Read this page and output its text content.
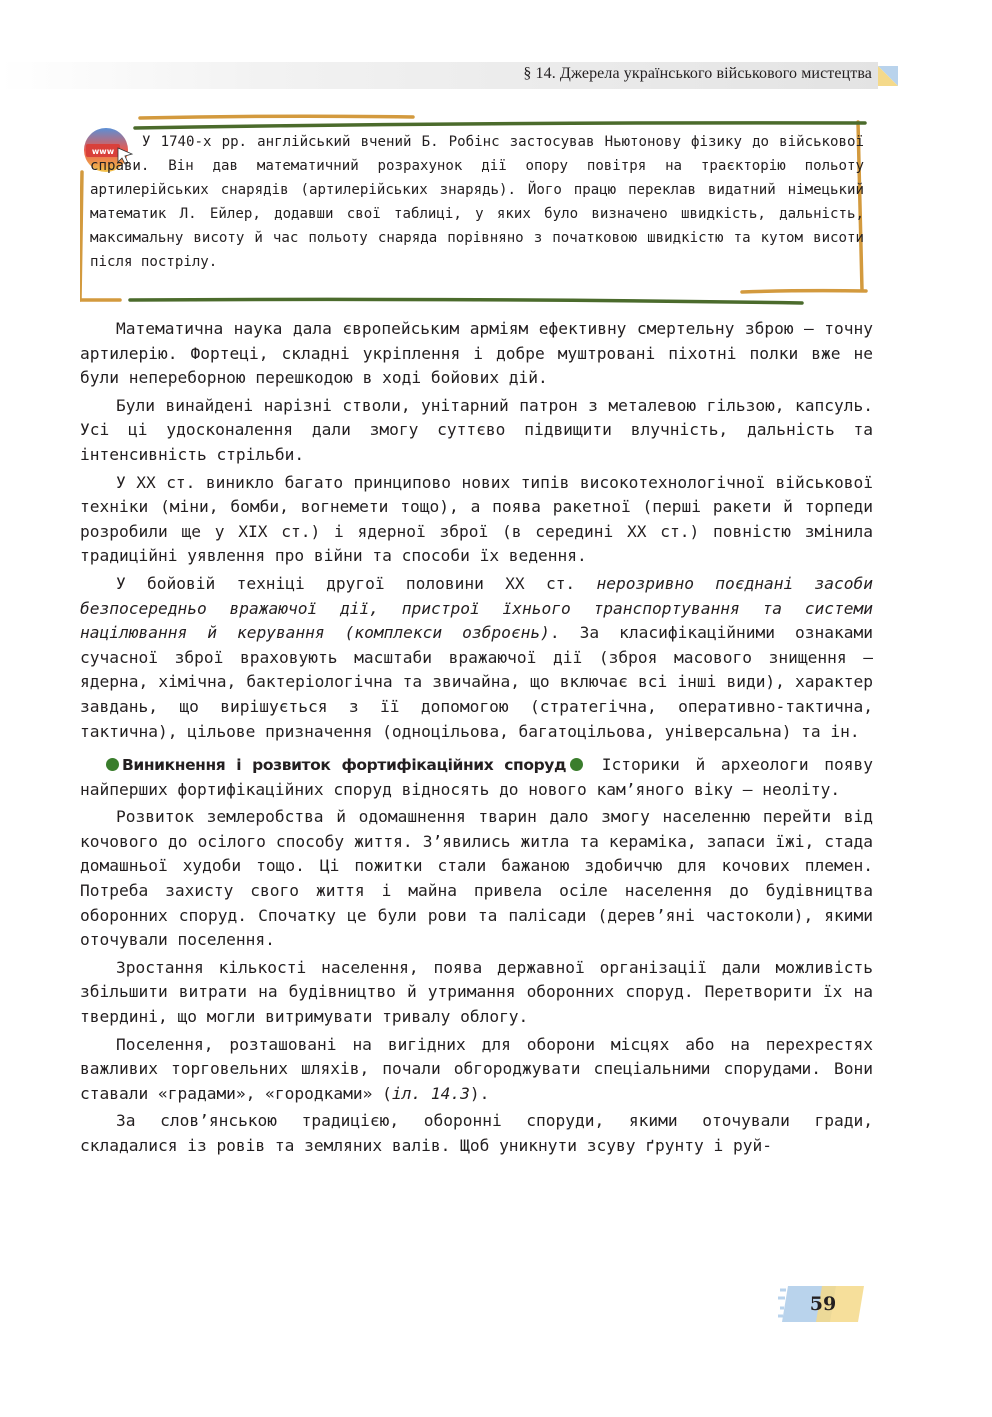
§ 14. Джерела українського військового мистецтва
www

У 1740-х рр. англійський вчений Б. Робінс застосував Ньютонову фізику до військової справи. Він дав математичний розрахунок дії опору повітря на траєкторію польоту артилерійських снарядів (артилерійських знарядь). Його працю переклав видатний німецький математик Л. Ейлер, додавши свої таблиці, у яких було визначено швидкість, дальність, максимальну висоту й час польоту снаряда порівняно з початковою швидкістю та кутом висоти після пострілу.

Математична наука дала європейським арміям ефективну смертельну зброю — точну артилерію. Фортеці, складні укріплення і добре муштровані піхотні полки вже не були непереборною перешкодою в ході бойових дій.

Були винайдені нарізні стволи, унітарний патрон з металевою гільзою, капсуль. Усі ці удосконалення дали змогу суттєво підвищити влучність, дальність та інтенсивність стрільби.

У XX ст. виникло багато принципово нових типів високотехнологічної військової техніки (міни, бомби, вогнемети тощо), а поява ракетної (перші ракети й торпеди розробили ще у XIX ст.) і ядерної зброї (в середині XX ст.) повністю змінила традиційні уявлення про війни та способи їх ведення.

У бойовій техніці другої половини XX ст. нерозривно поєднані засоби безпосередньо вражаючої дії, пристрої їхнього транспортування та системи націлювання й керування (комплекси озброєнь). За класифікаційними ознаками сучасної зброї враховують масштаби вражаючої дії (зброя масового знищення — ядерна, хімічна, бактеріологічна та звичайна, що включає всі інші види), характер завдань, що вирішується з її допомогою (стратегічна, оперативно-тактична, тактична), цільове призначення (одноцільова, багатоцільова, універсальна) та ін.

Виникнення і розвиток фортифікаційних споруд Історики й археологи появу найперших фортифікаційних споруд відносять до нового кам’яного віку — неоліту.

Розвиток землеробства й одомашнення тварин дало змогу населенню перейти від кочового до осілого способу життя. З’явились житла та кераміка, запаси їжі, стада домашньої худоби тощо. Ці пожитки стали бажаною здобиччю для кочових племен. Потреба захисту свого життя і майна привела осіле населення до будівництва оборонних споруд. Спочатку це були рови та палісади (дерев’яні частоколи), якими оточували поселення.

Зростання кількості населення, поява державної організації дали можливість збільшити витрати на будівництво й утримання оборонних споруд. Перетворити їх на твердині, що могли витримувати тривалу облогу.

Поселення, розташовані на вигідних для оборони місцях або на перехрестях важливих торговельних шляхів, почали обгороджувати спеціальними спорудами. Вони ставали «градами», «городками» (іл. 14.3).

За слов’янською традицією, оборонні споруди, якими оточували гради, складалися із ровів та земляних валів. Щоб уникнути зсуву ґрунту і руй-

59
